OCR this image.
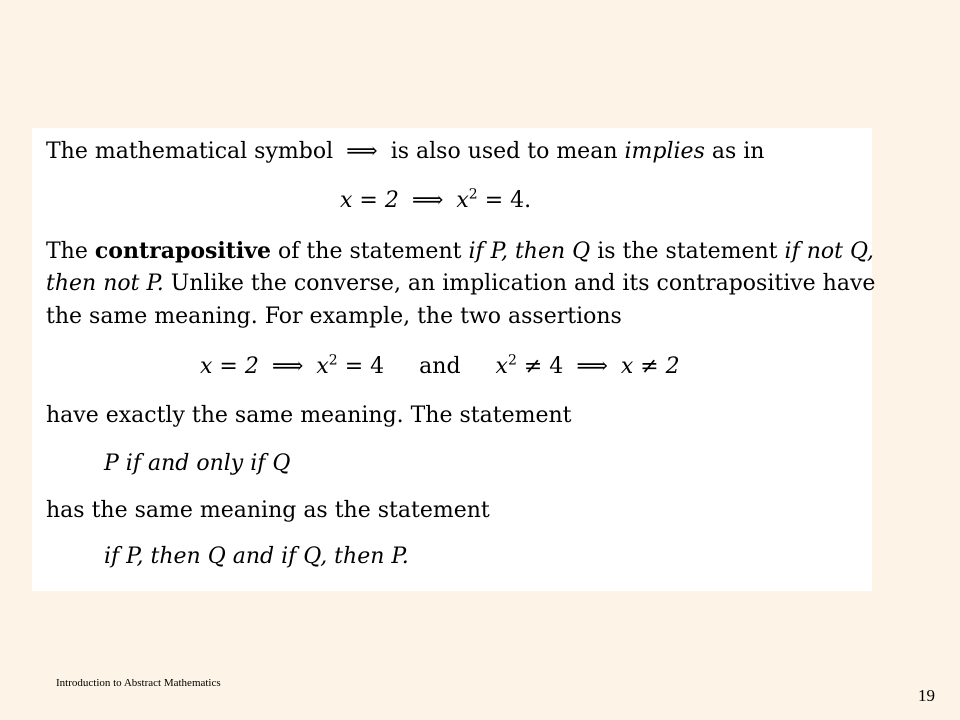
The mathematical symbol ⟹ is also used to mean implies as in
x = 2 ⟹ $x^2 = 4$.
The contrapositive of the statement if P, then Q is the statement if not Q,
then not P. Unlike the converse, an implication and its contrapositive have
the same meaning. For example, the two assertions
x = 2 ⟹ $x^2 = 4$ and $x^2 \ne 4$ ⟹ x ≠ 2
have exactly the same meaning. The statement
P if and only if Q
has the same meaning as the statement
if P, then Q and if Q, then P.
Introduction to Abstract Mathematics
19
